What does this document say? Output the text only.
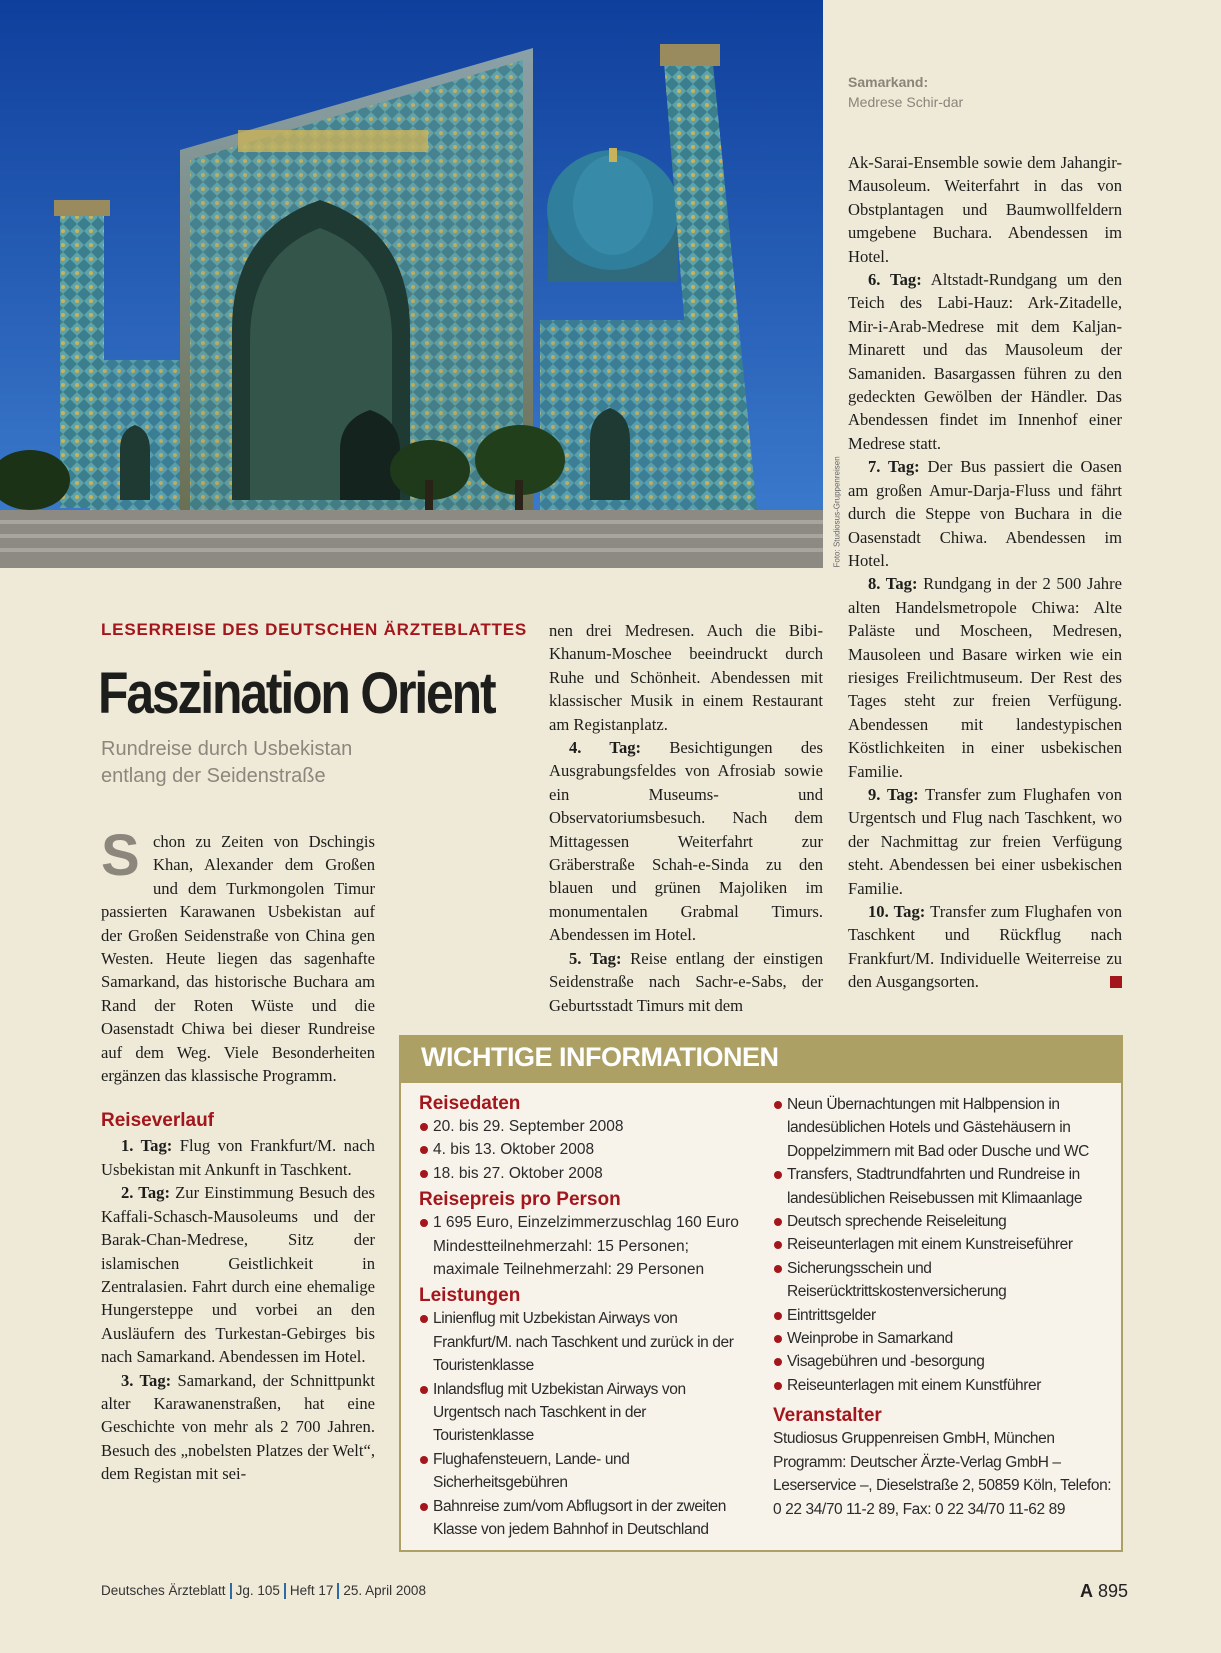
Foto: Studiosus-Gruppenreisen
Samarkand:
Medrese Schir-dar
LESERREISE DES DEUTSCHEN ÄRZTEBLATTES
Faszination Orient
Rundreise durch Usbekistan
entlang der Seidenstraße

Schon zu Zeiten von Dschingis Khan, Alexander dem Großen und dem Turkmongolen Timur passierten Karawanen Usbekistan auf der Großen Seidenstraße von China gen Westen. Heute liegen das sagenhafte Samarkand, das historische Buchara am Rand der Roten Wüste und die Oasenstadt Chiwa bei dieser Rundreise auf dem Weg. Viele Besonderheiten ergänzen das klassische Programm.

Reiseverlauf

1. Tag: Flug von Frankfurt/M. nach Usbekistan mit Ankunft in Taschkent.

2. Tag: Zur Einstimmung Besuch des Kaffali-Schasch-Mausoleums und der Barak-Chan-Medrese, Sitz der islamischen Geistlichkeit in Zentralasien. Fahrt durch eine ehemalige Hungersteppe und vorbei an den Ausläufern des Turkestan-Gebirges bis nach Samarkand. Abendessen im Hotel.

3. Tag: Samarkand, der Schnittpunkt alter Karawanenstraßen, hat eine Geschichte von mehr als 2 700 Jahren. Besuch des „nobelsten Platzes der Welt“, dem Registan mit sei-

nen drei Medresen. Auch die Bibi-Khanum-Moschee beeindruckt durch Ruhe und Schönheit. Abendessen mit klassischer Musik in einem Restaurant am Registanplatz.

4. Tag: Besichtigungen des Ausgrabungsfeldes von Afrosiab sowie ein Museums- und Observatoriumsbesuch. Nach dem Mittagessen Weiterfahrt zur Gräberstraße Schah-e-Sinda zu den blauen und grünen Majoliken im monumentalen Grabmal Timurs. Abendessen im Hotel.

5. Tag: Reise entlang der einstigen Seidenstraße nach Sachr-e-Sabs, der Geburtsstadt Timurs mit dem

Ak-Sarai-Ensemble sowie dem Jahangir-Mausoleum. Weiterfahrt in das von Obstplantagen und Baumwollfeldern umgebene Buchara. Abendessen im Hotel.

6. Tag: Altstadt-Rundgang um den Teich des Labi-Hauz: Ark-Zitadelle, Mir-i-Arab-Medrese mit dem Kaljan-Minarett und das Mausoleum der Samaniden. Basargassen führen zu den gedeckten Gewölben der Händler. Das Abendessen findet im Innenhof einer Medrese statt.

7. Tag: Der Bus passiert die Oasen am großen Amur-Darja-Fluss und fährt durch die Steppe von Buchara in die Oasenstadt Chiwa. Abendessen im Hotel.

8. Tag: Rundgang in der 2 500 Jahre alten Handelsmetropole Chiwa: Alte Paläste und Moscheen, Medresen, Mausoleen und Basare wirken wie ein riesiges Freilichtmuseum. Der Rest des Tages steht zur freien Verfügung. Abendessen mit landestypischen Köstlichkeiten in einer usbekischen Familie.

9. Tag: Transfer zum Flughafen von Urgentsch und Flug nach Taschkent, wo der Nachmittag zur freien Verfügung steht. Abendessen bei einer usbekischen Familie.

10. Tag: Transfer zum Flughafen von Taschkent und Rückflug nach Frankfurt/M. Individuelle Weiterreise zu den Ausgangsorten.

WICHTIGE INFORMATIONEN
Reisedaten
20. bis 29. September 2008
4. bis 13. Oktober 2008
18. bis 27. Oktober 2008
Reisepreis pro Person
1 695 Euro, Einzelzimmerzuschlag 160 Euro Mindestteilnehmerzahl: 15 Personen; maximale Teilnehmerzahl: 29 Personen
Leistungen
Linienflug mit Uzbekistan Airways von Frankfurt/M. nach Taschkent und zurück in der Touristenklasse
Inlandsflug mit Uzbekistan Airways von Urgentsch nach Taschkent in der Touristenklasse
Flughafensteuern, Lande- und Sicherheitsgebühren
Bahnreise zum/vom Abflugsort in der zweiten Klasse von jedem Bahnhof in Deutschland
Neun Übernachtungen mit Halbpension in landesüblichen Hotels und Gästehäusern in Doppelzimmern mit Bad oder Dusche und WC
Transfers, Stadtrundfahrten und Rundreise in landesüblichen Reisebussen mit Klimaanlage
Deutsch sprechende Reiseleitung
Reiseunterlagen mit einem Kunstreiseführer
Sicherungsschein und Reiserücktrittskostenversicherung
Eintrittsgelder
Weinprobe in Samarkand
Visagebühren und -besorgung
Reiseunterlagen mit einem Kunstführer
Veranstalter

Studiosus Gruppenreisen GmbH, München Programm: Deutscher Ärzte-Verlag GmbH – Leserservice –, Dieselstraße 2, 50859 Köln, Telefon: 0 22 34/70 11-2 89, Fax: 0 22 34/70 11-62 89

Deutsches Ärzteblatt Jg. 105 Heft 17 25. April 2008	A 895
